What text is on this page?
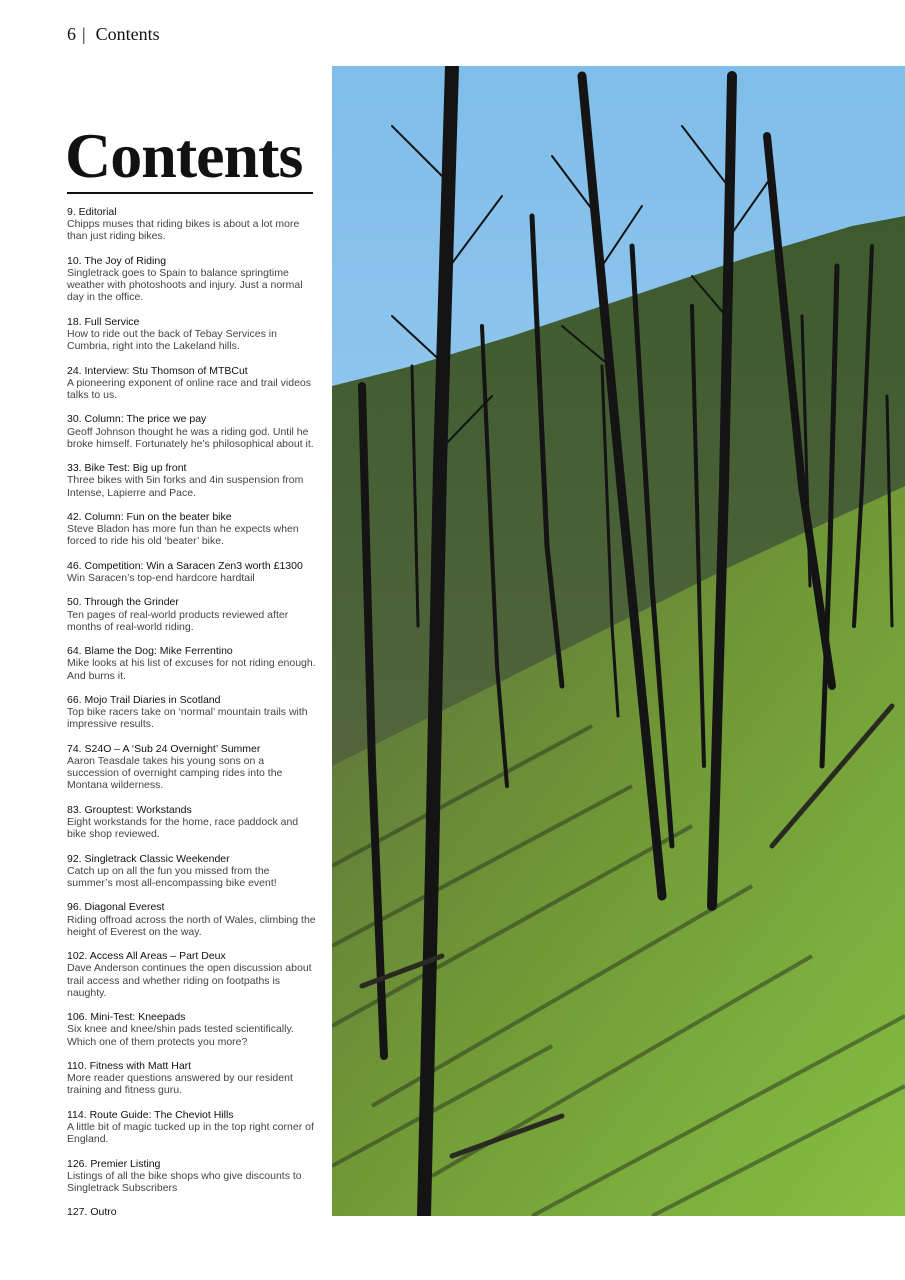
6 | Contents
Contents
9. Editorial
Chipps muses that riding bikes is about a lot more than just riding bikes.
10. The Joy of Riding
Singletrack goes to Spain to balance springtime weather with photoshoots and injury. Just a normal day in the office.
18. Full Service
How to ride out the back of Tebay Services in Cumbria, right into the Lakeland hills.
24. Interview: Stu Thomson of MTBCut
A pioneering exponent of online race and trail videos talks to us.
30. Column: The price we pay
Geoff Johnson thought he was a riding god. Until he broke himself. Fortunately he’s philosophical about it.
33. Bike Test: Big up front
Three bikes with 5in forks and 4in suspension from Intense, Lapierre and Pace.
42. Column: Fun on the beater bike
Steve Bladon has more fun than he expects when forced to ride his old ‘beater’ bike.
46. Competition: Win a Saracen Zen3 worth £1300
Win Saracen’s top-end hardcore hardtail
50. Through the Grinder
Ten pages of real-world products reviewed after months of real-world riding.
64. Blame the Dog: Mike Ferrentino
Mike looks at his list of excuses for not riding enough. And burns it.
66. Mojo Trail Diaries in Scotland
Top bike racers take on ‘normal’ mountain trails with impressive results.
74. S24O – A ‘Sub 24 Overnight’ Summer
Aaron Teasdale takes his young sons on a succession of overnight camping rides into the Montana wilderness.
83. Grouptest: Workstands
Eight workstands for the home, race paddock and bike shop reviewed.
92. Singletrack Classic Weekender
Catch up on all the fun you missed from the summer’s most all-encompassing bike event!
96. Diagonal Everest
Riding offroad across the north of Wales, climbing the height of Everest on the way.
102. Access All Areas – Part Deux
Dave Anderson continues the open discussion about trail access and whether riding on footpaths is naughty.
106. Mini-Test: Kneepads
Six knee and knee/shin pads tested scientifically. Which one of them protects you more?
110. Fitness with Matt Hart
More reader questions answered by our resident training and fitness guru.
114. Route Guide: The Cheviot Hills
A little bit of magic tucked up in the top right corner of England.
126. Premier Listing
Listings of all the bike shops who give discounts to Singletrack Subscribers
127. Outro
